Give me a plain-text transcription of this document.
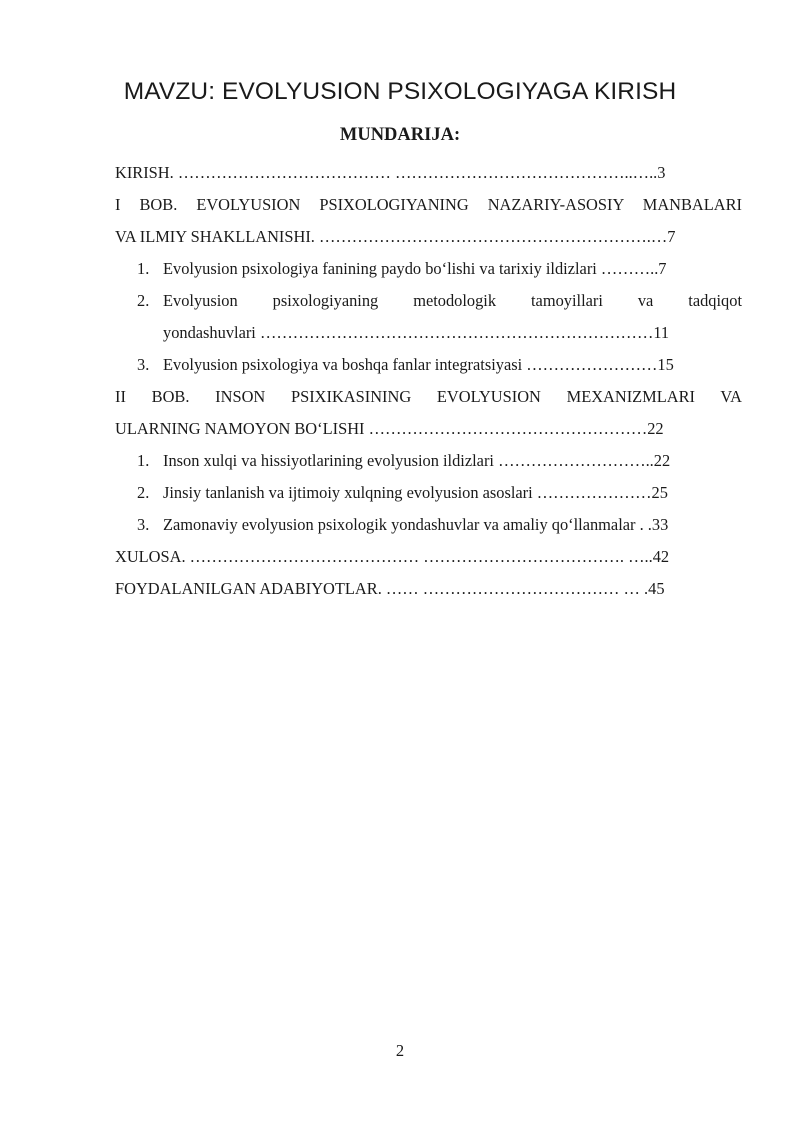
MAVZU: EVOLYUSION PSIXOLOGIYAGA KIRISH
MUNDARIJA:
KIRISH. ………………………………… ……………………………………..…..3
I BOB. EVOLYUSION PSIXOLOGIYANING NAZARIY-ASOSIY MANBALARI
VA ILMIY SHAKLLANISHI. …………………………………………………….…7
1. Evolyusion psixologiya fanining paydo boʻlishi va tarixiy ildizlari ………..7
2. Evolyusion psixologiyaning metodologik tamoyillari va tadqiqot
yondashuvlari ………………………………………………………………11
3. Evolyusion psixologiya va boshqa fanlar integratsiyasi ……………………15
II BOB. INSON PSIXIKASINING EVOLYUSION MEXANIZMLARI VA
ULARNING NAMOYON BOʻLISHI ……………………………………………22
1. Inson xulqi va hissiyotlarining evolyusion ildizlari ………………………..22
2. Jinsiy tanlanish va ijtimoiy xulqning evolyusion asoslari …………………25
3. Zamonaviy evolyusion psixologik yondashuvlar va amaliy qoʻllanmalar . .33
XULOSA. …………………………………… ………………………………. …..42
FOYDALANILGAN ADABIYOTLAR. …… ……………………………… … .45
2
